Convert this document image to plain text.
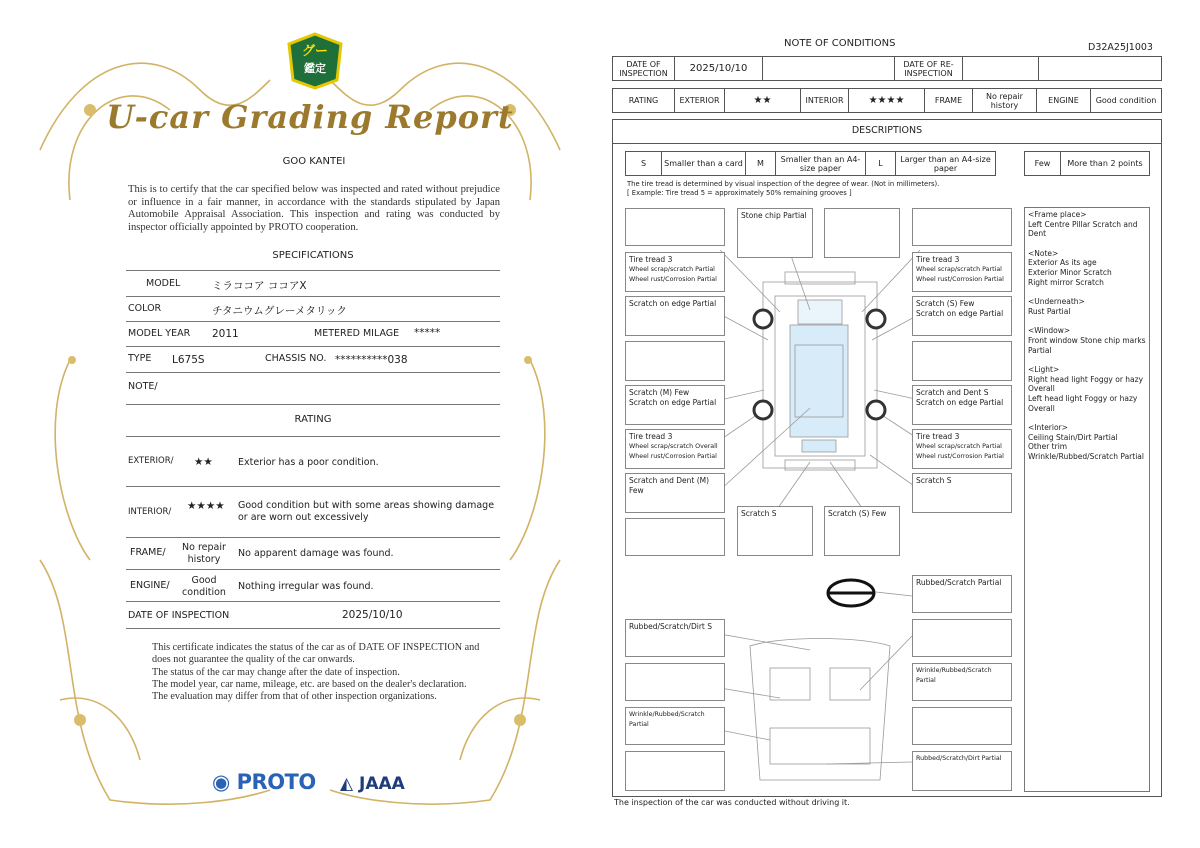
グー
鑑定
U-car Grading Report
GOO KANTEI
This is to certify that the car specified below was inspected and rated without prejudice or influence in a fair manner, in accordance with the standards stipulated by Japan Automobile Appraisal Association. This inspection and rating was conducted by inspector officially appointed by PROTO cooperation.
SPECIFICATIONS
MODEL	ミラココア ココアX
COLOR	チタニウムグレーメタリック
MODEL YEAR 2011	METERED MILAGE *****
TYPE L675S	CHASSIS NO. **********038
NOTE/
RATING
EXTERIOR/ ★★	Exterior has a poor condition.
INTERIOR/ ★★★★ Good condition but with some areas showing damage or are worn out excessively
FRAME/	No repair history
No apparent damage was found.
ENGINE/	Good condition
Nothing irregular was found.
DATE OF INSPECTION	2025/10/10
This certificate indicates the status of the car as of DATE OF INSPECTION and does not guarantee the quality of the car onwards.
The status of the car may change after the date of inspection.
The model year, car name, mileage, etc. are based on the dealer's declaration.
The evaluation may differ from that of other inspection organizations.
◉ PROTO ◭ JAAA
NOTE OF CONDITIONS	D32A25J1003
DATE OF INSPECTION	2025/10/10		DATE OF RE-INSPECTION		
RATING	EXTERIOR	★★	INTERIOR	★★★★	FRAME	No repair history	ENGINE	Good condition
DESCRIPTIONS
S	Smaller than a card	M	Smaller than an A4-size paper	L	Larger than an A4-size paper	Few	More than 2 points
The tire tread is determined by visual inspection of the degree of wear. (Not in millimeters).
[ Example: Tire tread 5 = approximately 50% remaining grooves ]
Tire tread 3
Wheel scrap/scratch Partial
Wheel rust/Corrosion Partial
Scratch on edge Partial
Scratch (M) Few
Scratch on edge Partial
Tire tread 3
Wheel scrap/scratch Overall
Wheel rust/Corrosion Partial
Scratch and Dent (M) Few
Stone chip Partial
Scratch S	Scratch (S) Few
Tire tread 3
Wheel scrap/scratch Partial
Wheel rust/Corrosion Partial
Scratch (S) Few
Scratch on edge Partial
Scratch and Dent S
Scratch on edge Partial
Tire tread 3
Wheel scrap/scratch Partial
Wheel rust/Corrosion Partial
Scratch S
Rubbed/Scratch Partial
Wrinkle/Rubbed/Scratch Partial
Rubbed/Scratch/Dirt Partial
Rubbed/Scratch/Dirt S
Wrinkle/Rubbed/Scratch Partial
<Frame place>

Left Centre Pillar Scratch and Dent

<Note>
Exterior As its age
Exterior Minor Scratch

Right mirror Scratch

<Underneath>

Rust Partial

<Window>

Front window Stone chip marks Partial

<Light>
Right head light Foggy or hazy Overall

Left head light Foggy or hazy Overall

<Interior>
Ceiling Stain/Dirt Partial
Other trim
Wrinkle/Rubbed/Scratch Partial
The inspection of the car was conducted without driving it.
